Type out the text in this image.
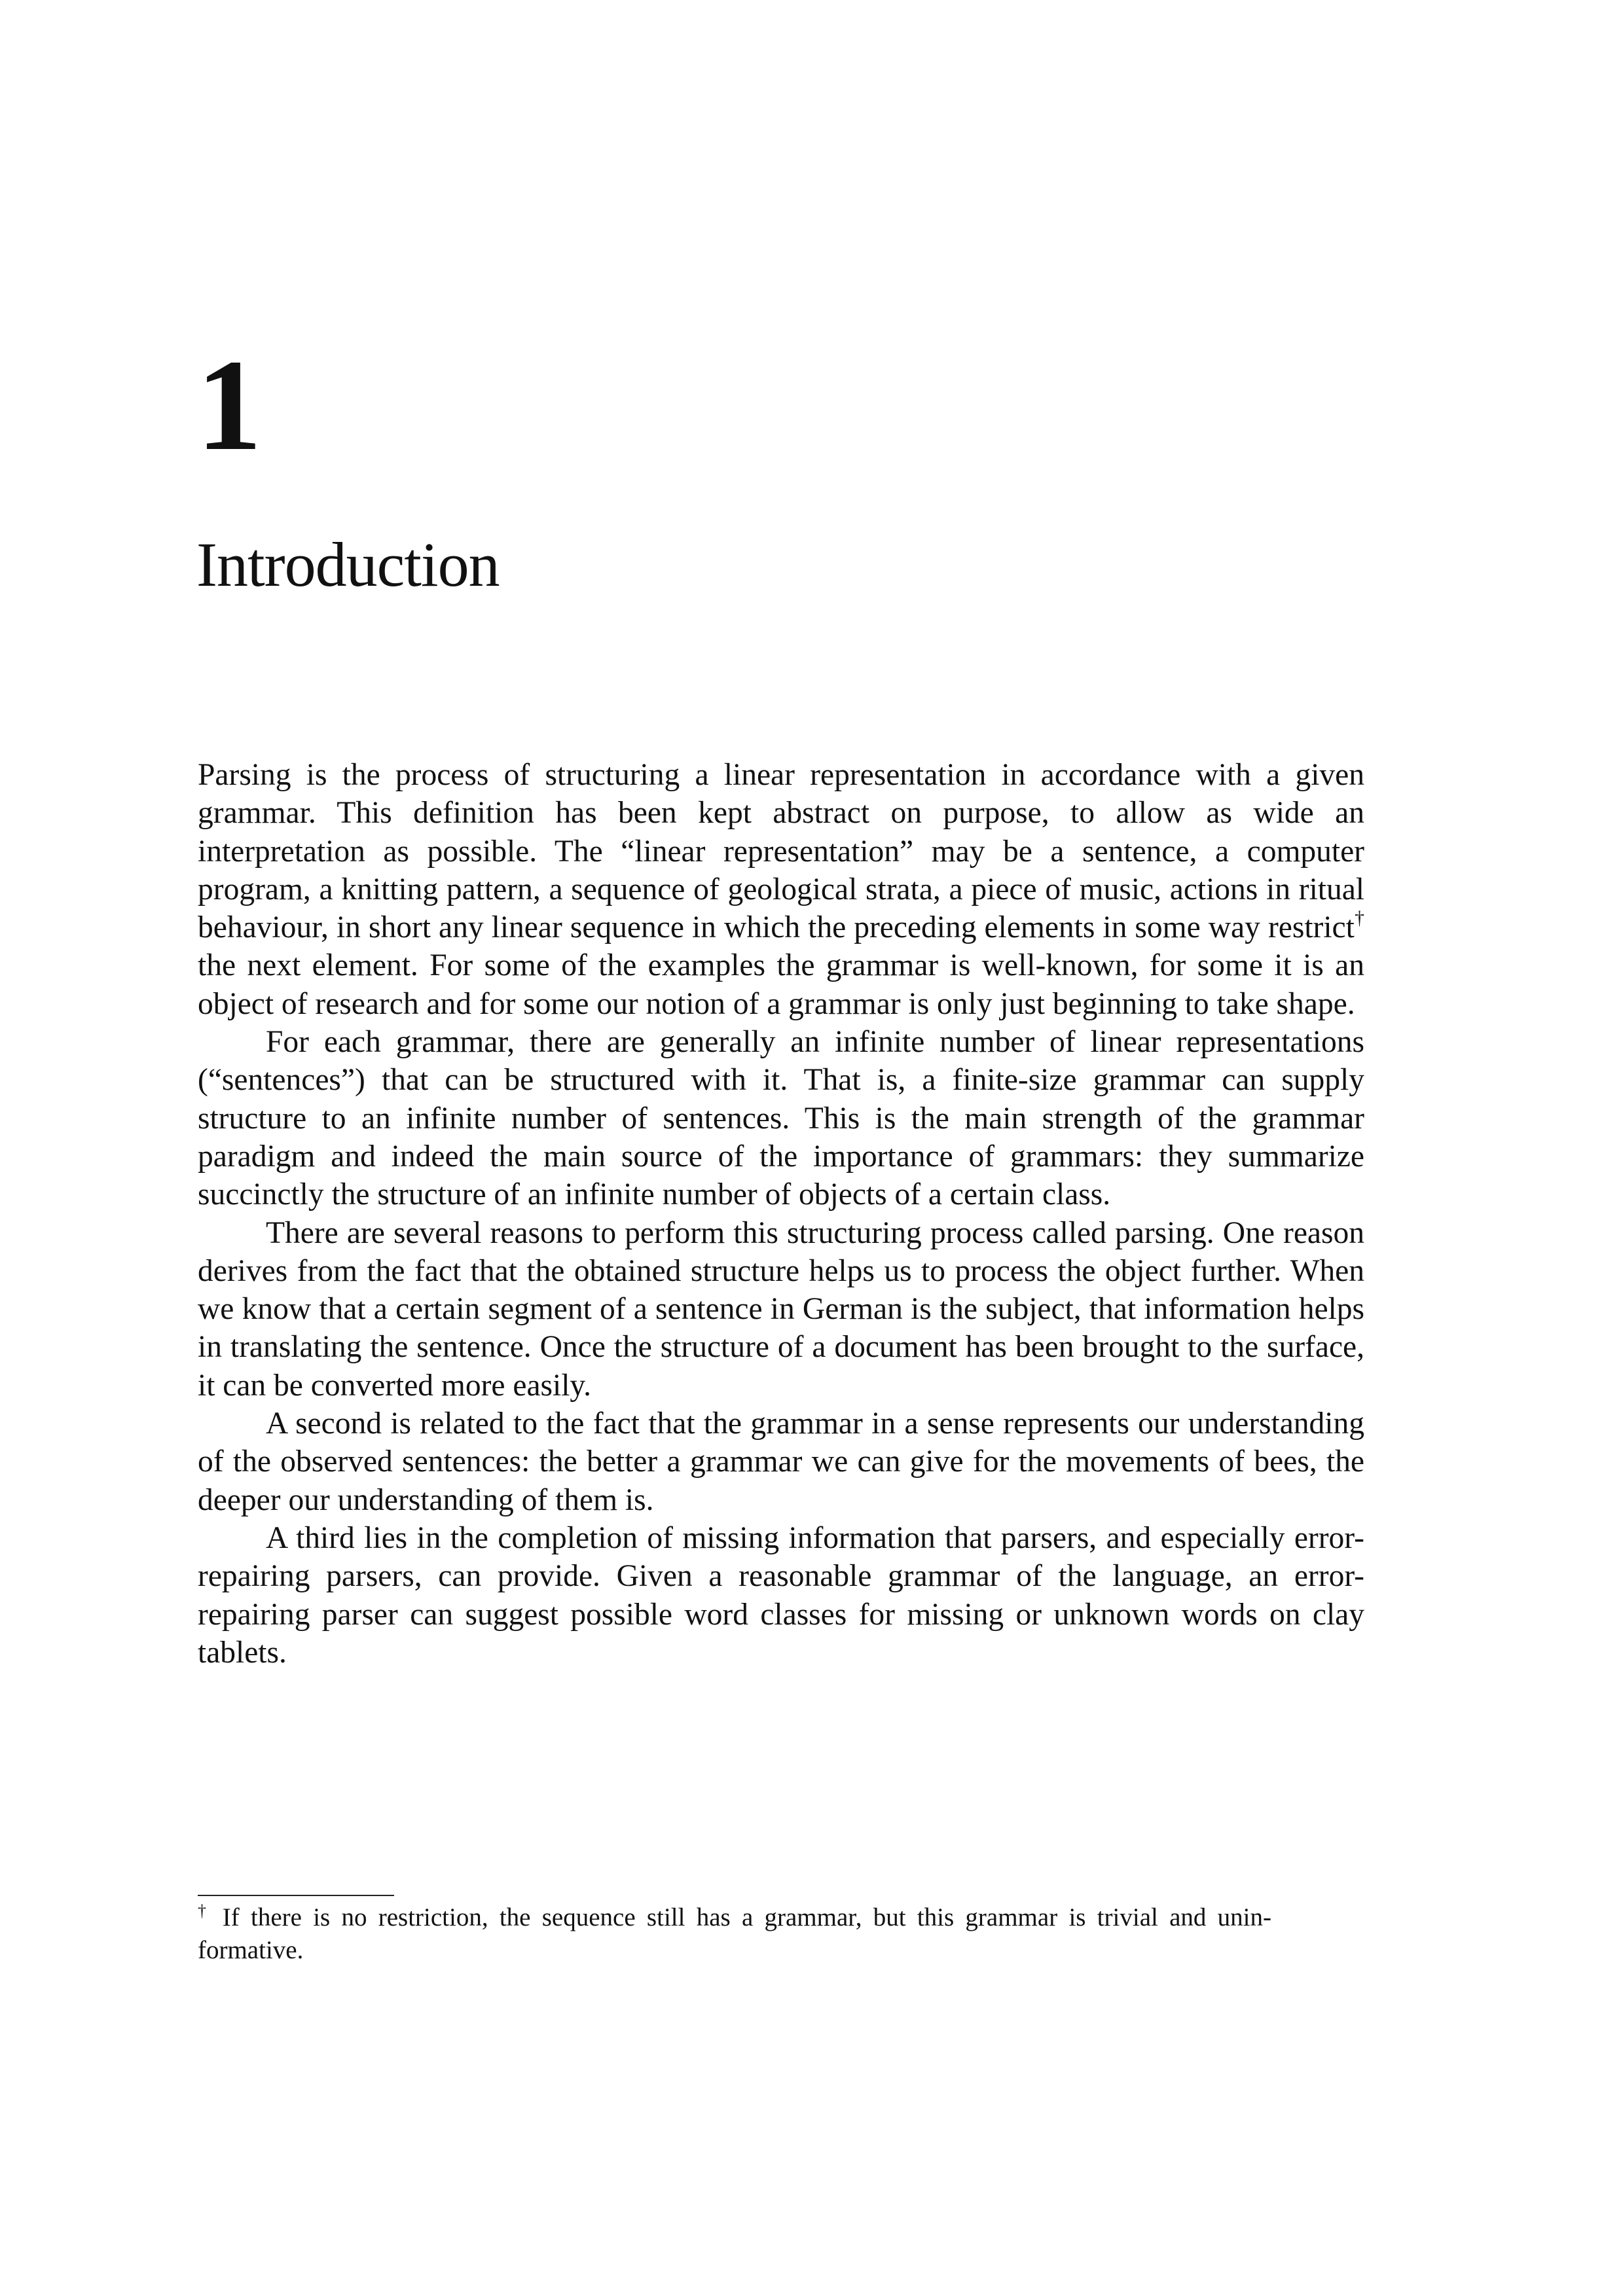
1
Introduction

Parsing is the process of structuring a linear representation in accordance with a given grammar. This definition has been kept abstract on purpose, to allow as wide an interpretation as possible. The “linear representation” may be a sentence, a computer program, a knitting pattern, a sequence of geological strata, a piece of music, actions in ritual behaviour, in short any linear sequence in which the preceding elements in some way restrict† the next element. For some of the examples the grammar is well-known, for some it is an object of research and for some our notion of a grammar is only just beginning to take shape.

For each grammar, there are generally an infinite number of linear representations (“sentences”) that can be structured with it. That is, a finite-size grammar can supply structure to an infinite number of sentences. This is the main strength of the grammar paradigm and indeed the main source of the importance of grammars: they summarize succinctly the structure of an infinite number of objects of a certain class.

There are several reasons to perform this structuring process called parsing. One reason derives from the fact that the obtained structure helps us to process the object further. When we know that a certain segment of a sentence in German is the subject, that information helps in translating the sentence. Once the structure of a document has been brought to the surface, it can be converted more easily.

A second is related to the fact that the grammar in a sense represents our understanding of the observed sentences: the better a grammar we can give for the movements of bees, the deeper our understanding of them is.

A third lies in the completion of missing information that parsers, and especially error-repairing parsers, can provide. Given a reasonable grammar of the language, an error-repairing parser can suggest possible word classes for missing or unknown words on clay tablets.

† If there is no restriction, the sequence still has a grammar, but this grammar is trivial and uninformative.
